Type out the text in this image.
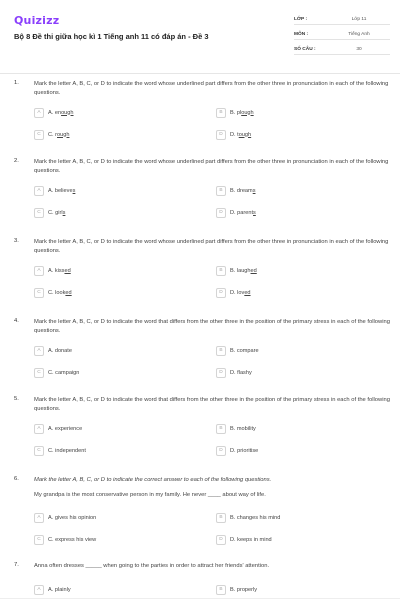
Quizizz
Bộ 8 Đề thi giữa học kì 1 Tiếng anh 11 có đáp án - Đề 3
LỚP :	Lớp 11
MÔN :	Tiếng Anh
SỐ CÂU :	30
1.	Mark the letter A, B, C, or D to indicate the word whose underlined part differs from the other three in pronunciation in each of the following questions.
A	A. enough	B	B. plough
C	C. rough	D	D. tough
2.	Mark the letter A, B, C, or D to indicate the word whose underlined part differs from the other three in pronunciation in each of the following questions.
A	A. believes	B	B. dreams
C	C. girls	D	D. parents
3.	Mark the letter A, B, C, or D to indicate the word whose underlined part differs from the other three in pronunciation in each of the following questions.
A	A. kissed	B	B. laughed
C	C. looked	D	D. loved
4.	Mark the letter A, B, C, or D to indicate the word that differs from the other three in the position of the primary stress in each of the following questions.
A	A. donate	B	B. compare
C	C. campaign	D	D. flashy
5.	Mark the letter A, B, C, or D to indicate the word that differs from the other three in the position of the primary stress in each of the following questions.
A	A. experience	B	B. mobility
C	C. independent	D	D. prioritise
6.	Mark the letter A, B, C, or D to indicate the correct answer to each of the following questions.
My grandpa is the most conservative person in my family. He never ____ about way of life.
A	A. gives his opinion	B	B. changes his mind
C	C. express his view	D	D. keeps in mind
7.	Anna often dresses _____ when going to the parties in order to attract her friends' attention.
A	A. plainly	B	B. properly
